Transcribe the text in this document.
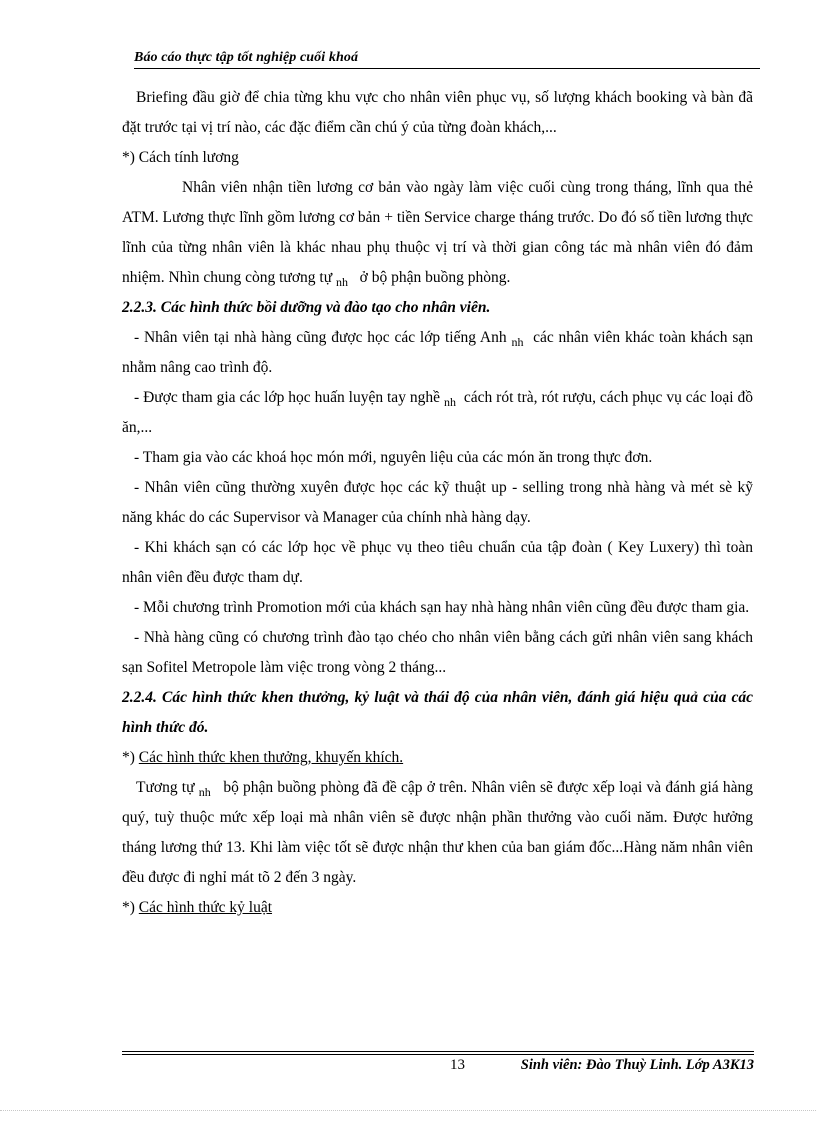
Báo cáo thực tập tốt nghiệp cuối khoá

Briefing đầu giờ để chia từng khu vực cho nhân viên phục vụ, số lượng khách booking và bàn đã đặt trước tại vị trí nào, các đặc điểm cần chú ý của từng đoàn khách,...

*) Cách tính lương

Nhân viên nhận tiền lương cơ bản vào ngày làm việc cuối cùng trong tháng, lĩnh qua thẻ ATM. Lương thực lĩnh gồm lương cơ bản + tiền Service charge tháng trước. Do đó số tiền lương thực lĩnh của từng nhân viên là khác nhau phụ thuộc vị trí và thời gian công tác mà nhân viên đó đảm nhiệm. Nhìn chung còng tương tự $_{nh}$ ở bộ phận buồng phòng.

2.2.3. Các hình thức bồi dưỡng và đào tạo cho nhân viên.

- Nhân viên tại nhà hàng cũng được học các lớp tiếng Anh $_{nh}$ các nhân viên khác toàn khách sạn nhằm nâng cao trình độ.

- Được tham gia các lớp học huấn luyện tay nghề $_{nh}$ cách rót trà, rót rượu, cách phục vụ các loại đồ ăn,...

- Tham gia vào các khoá học món mới, nguyên liệu của các món ăn trong thực đơn.

- Nhân viên cũng thường xuyên được học các kỹ thuật up - selling trong nhà hàng và mét sè kỹ năng khác do các Supervisor và Manager của chính nhà hàng dạy.

- Khi khách sạn có các lớp học về phục vụ theo tiêu chuẩn của tập đoàn ( Key Luxery) thì toàn nhân viên đều được tham dự.

- Mỗi chương trình Promotion mới của khách sạn hay nhà hàng nhân viên cũng đều được tham gia.

- Nhà hàng cũng có chương trình đào tạo chéo cho nhân viên bằng cách gửi nhân viên sang khách sạn Sofitel Metropole làm việc trong vòng 2 tháng...

2.2.4. Các hình thức khen thưởng, kỷ luật và thái độ của nhân viên, đánh giá hiệu quả của các hình thức đó.

*) Các hình thức khen thưởng, khuyến khích.

Tương tự $_{nh}$ bộ phận buồng phòng đã đề cập ở trên. Nhân viên sẽ được xếp loại và đánh giá hàng quý, tuỳ thuộc mức xếp loại mà nhân viên sẽ được nhận phần thưởng vào cuối năm. Được hưởng tháng lương thứ 13. Khi làm việc tốt sẽ được nhận thư khen của ban giám đốc...Hàng năm nhân viên đều được đi nghỉ mát tõ 2 đến 3 ngày.

*) Các hình thức kỷ luật

13	Sinh viên: Đào Thuỳ Linh. Lớp A3K13
